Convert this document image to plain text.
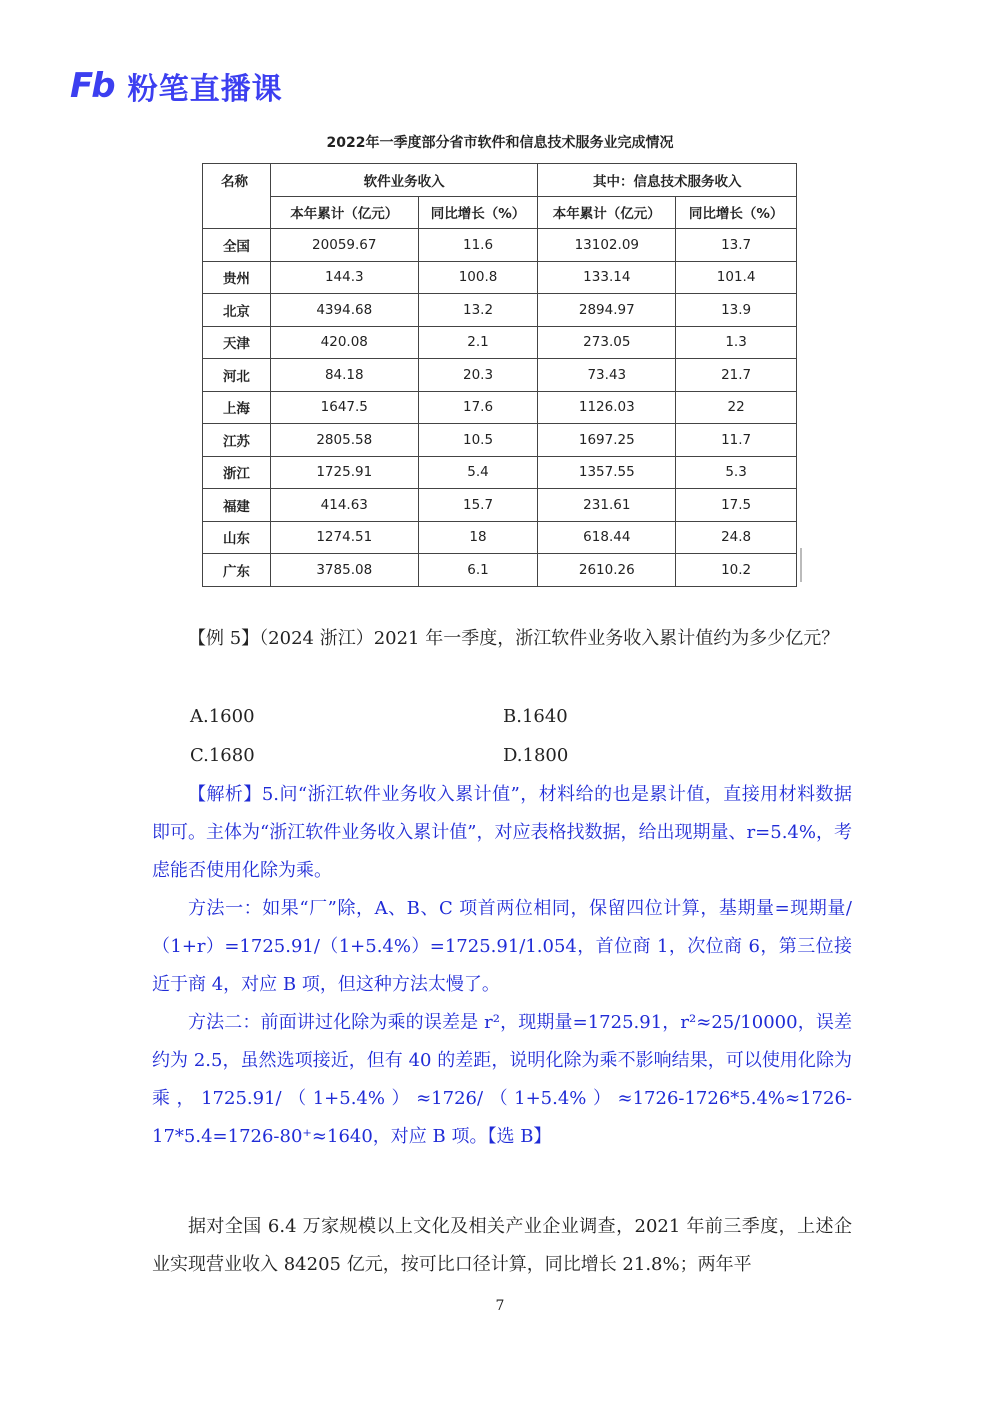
Fb 粉笔直播课
2022年一季度部分省市软件和信息技术服务业完成情况
名称	软件业务收入		其中：信息技术服务收入	
	本年累计（亿元）	同比增长（%）	本年累计（亿元）	同比增长（%）
全国	20059.67	11.6	13102.09	13.7
贵州	144.3	100.8	133.14	101.4
北京	4394.68	13.2	2894.97	13.9
天津	420.08	2.1	273.05	1.3
河北	84.18	20.3	73.43	21.7
上海	1647.5	17.6	1126.03	22
江苏	2805.58	10.5	1697.25	11.7
浙江	1725.91	5.4	1357.55	5.3
福建	414.63	15.7	231.61	17.5
山东	1274.51	18	618.44	24.8
广东	3785.08	6.1	2610.26	10.2

【例 5】（2024 浙江）2021 年一季度，浙江软件业务收入累计值约为多少亿元？

A.1600	B.1640
C.1680	D.1800

【解析】5.问“浙江软件业务收入累计值”，材料给的也是累计值，直接用材料数据即可。主体为“浙江软件业务收入累计值”，对应表格找数据，给出现期量、r=5.4%，考虑能否使用化除为乘。

方法一：如果“厂”除，A、B、C 项首两位相同，保留四位计算，基期量=现期量/（1+r）=1725.91/（1+5.4%）=1725.91/1.054，首位商 1，次位商 6，第三位接近于商 4，对应 B 项，但这种方法太慢了。

方法二：前面讲过化除为乘的误差是 r²，现期量=1725.91，r²≈25/10000，误差约为 2.5，虽然选项接近，但有 40 的差距，说明化除为乘不影响结果，可以使用化除为乘，1725.91/（1+5.4%）≈1726/（1+5.4%）≈1726-1726*5.4%≈1726-17*5.4=1726-80⁺≈1640，对应 B 项。【选 B】

据对全国 6.4 万家规模以上文化及相关产业企业调查，2021 年前三季度，上述企业实现营业收入 84205 亿元，按可比口径计算，同比增长 21.8%；两年平

7
